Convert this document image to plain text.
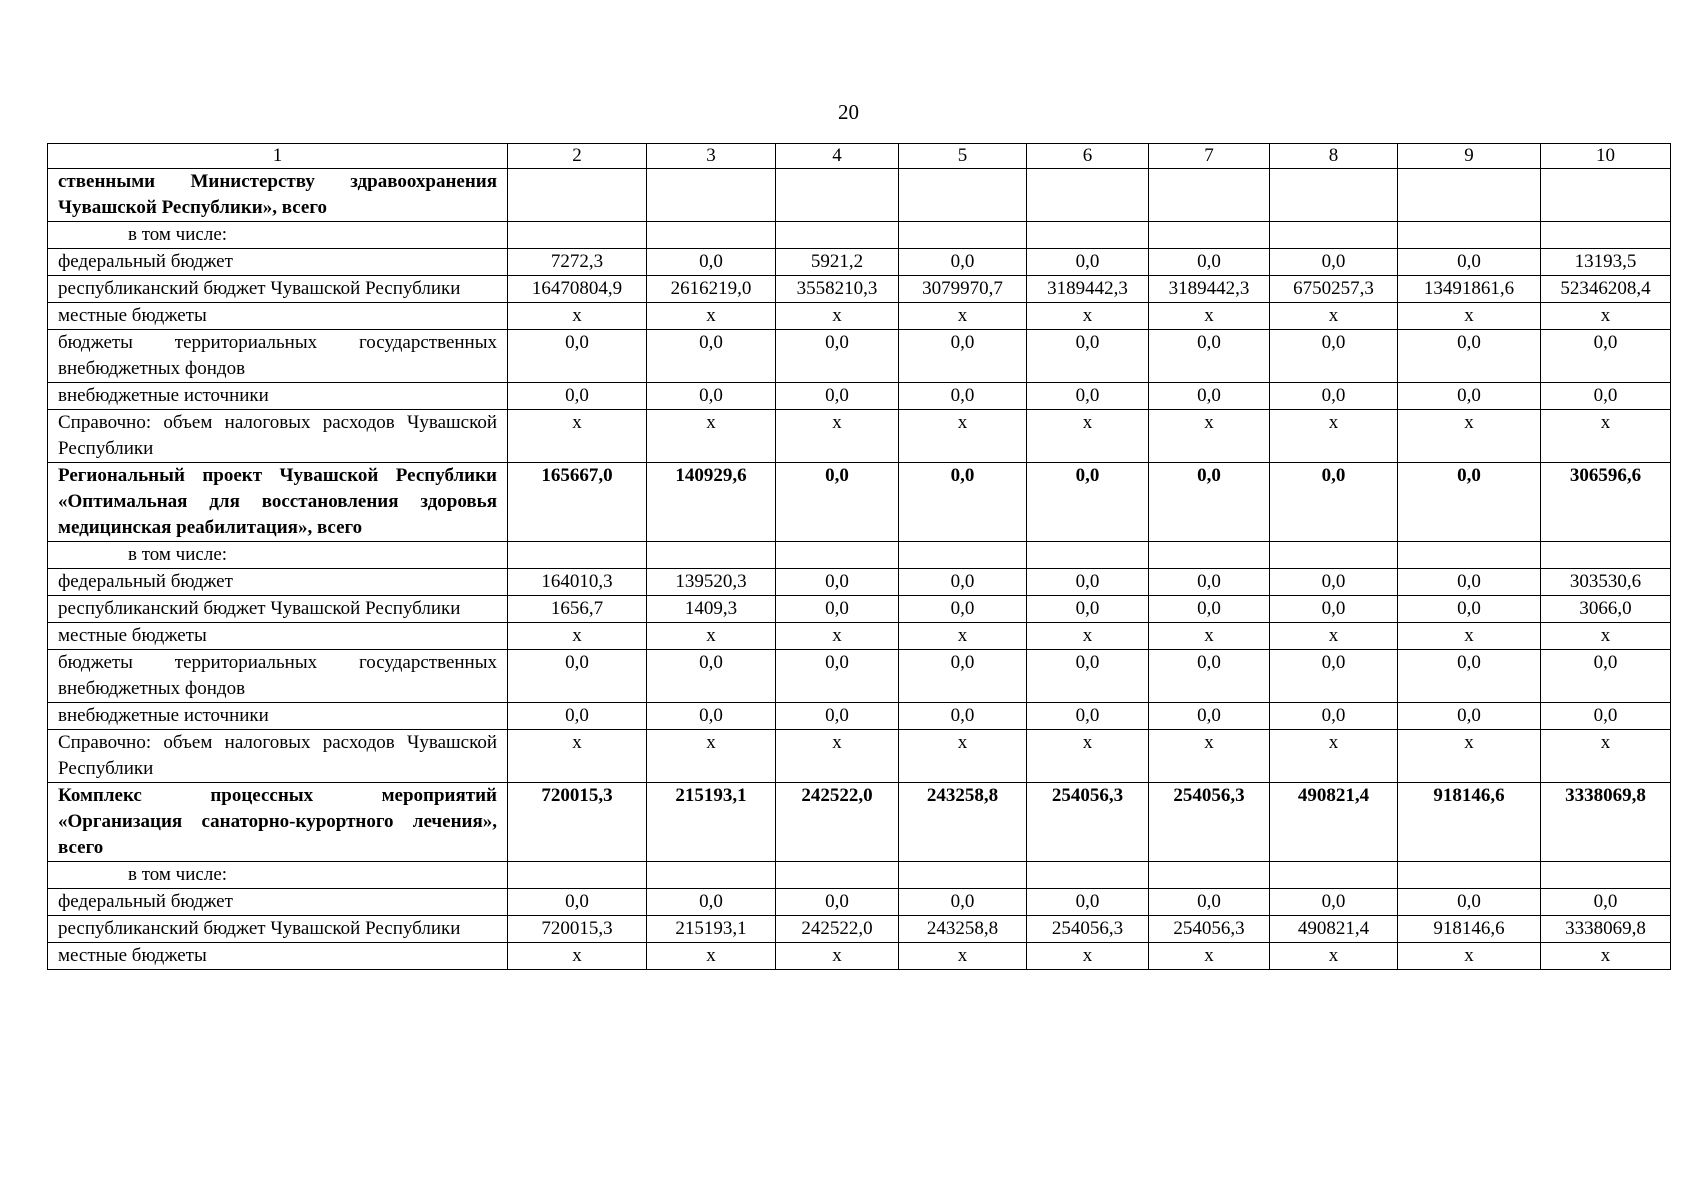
20
1	2	3	4	5	6	7	8	9	10
ственными Министерству здравоохранения Чувашской Республики», всего									
в том числе:									
федеральный бюджет	7272,3	0,0	5921,2	0,0	0,0	0,0	0,0	0,0	13193,5
республиканский бюджет Чувашской Республики	16470804,9	2616219,0	3558210,3	3079970,7	3189442,3	3189442,3	6750257,3	13491861,6	52346208,4
местные бюджеты	х	х	х	х	х	х	х	х	х
бюджеты территориальных государственных внебюджетных фондов	0,0	0,0	0,0	0,0	0,0	0,0	0,0	0,0	0,0
внебюджетные источники	0,0	0,0	0,0	0,0	0,0	0,0	0,0	0,0	0,0
Справочно: объем налоговых расходов Чувашской Республики	х	х	х	х	х	х	х	х	х
Региональный проект Чувашской Республики «Оптимальная для восстановления здоровья медицинская реабилитация», всего	165667,0	140929,6	0,0	0,0	0,0	0,0	0,0	0,0	306596,6
в том числе:									
федеральный бюджет	164010,3	139520,3	0,0	0,0	0,0	0,0	0,0	0,0	303530,6
республиканский бюджет Чувашской Республики	1656,7	1409,3	0,0	0,0	0,0	0,0	0,0	0,0	3066,0
местные бюджеты	х	х	х	х	х	х	х	х	х
бюджеты территориальных государственных внебюджетных фондов	0,0	0,0	0,0	0,0	0,0	0,0	0,0	0,0	0,0
внебюджетные источники	0,0	0,0	0,0	0,0	0,0	0,0	0,0	0,0	0,0
Справочно: объем налоговых расходов Чувашской Республики	х	х	х	х	х	х	х	х	х
Комплекс процессных мероприятий «Организация санаторно-курортного лечения», всего	720015,3	215193,1	242522,0	243258,8	254056,3	254056,3	490821,4	918146,6	3338069,8
в том числе:									
федеральный бюджет	0,0	0,0	0,0	0,0	0,0	0,0	0,0	0,0	0,0
республиканский бюджет Чувашской Республики	720015,3	215193,1	242522,0	243258,8	254056,3	254056,3	490821,4	918146,6	3338069,8
местные бюджеты	х	х	х	х	х	х	х	х	х
